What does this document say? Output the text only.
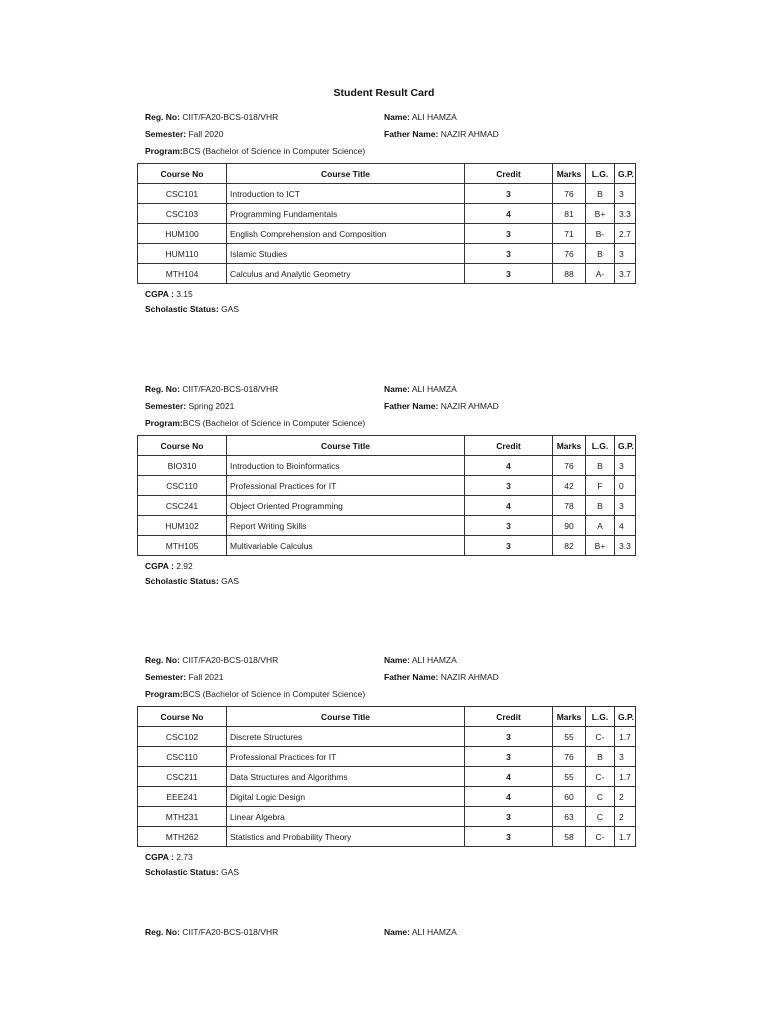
Student Result Card
Reg. No: CIIT/FA20-BCS-018/VHR	Name: ALI HAMZA
Semester: Fall 2020	Father Name: NAZIR AHMAD
Program:BCS (Bachelor of Science in Computer Science)
Course No	Course Title	Credit	Marks	L.G.	G.P.
CSC101	Introduction to ICT	3	76	B	3
CSC103	Programming Fundamentals	4	81	B+	3.3
HUM100	English Comprehension and Composition	3	71	B-	2.7
HUM110	Islamic Studies	3	76	B	3
MTH104	Calculus and Analytic Geometry	3	88	A-	3.7
CGPA : 3.15
Scholastic Status: GAS
Reg. No: CIIT/FA20-BCS-018/VHR	Name: ALI HAMZA
Semester: Spring 2021	Father Name: NAZIR AHMAD
Program:BCS (Bachelor of Science in Computer Science)
Course No	Course Title	Credit	Marks	L.G.	G.P.
BIO310	Introduction to Bioinformatics	4	76	B	3
CSC110	Professional Practices for IT	3	42	F	0
CSC241	Object Oriented Programming	4	78	B	3
HUM102	Report Writing Skills	3	90	A	4
MTH105	Multivariable Calculus	3	82	B+	3.3
CGPA : 2.92
Scholastic Status: GAS
Reg. No: CIIT/FA20-BCS-018/VHR	Name: ALI HAMZA
Semester: Fall 2021	Father Name: NAZIR AHMAD
Program:BCS (Bachelor of Science in Computer Science)
Course No	Course Title	Credit	Marks	L.G.	G.P.
CSC102	Discrete Structures	3	55	C-	1.7
CSC110	Professional Practices for IT	3	76	B	3
CSC211	Data Structures and Algorithms	4	55	C-	1.7
EEE241	Digital Logic Design	4	60	C	2
MTH231	Linear Algebra	3	63	C	2
MTH262	Statistics and Probability Theory	3	58	C-	1.7
CGPA : 2.73
Scholastic Status: GAS
Reg. No: CIIT/FA20-BCS-018/VHR	Name: ALI HAMZA
